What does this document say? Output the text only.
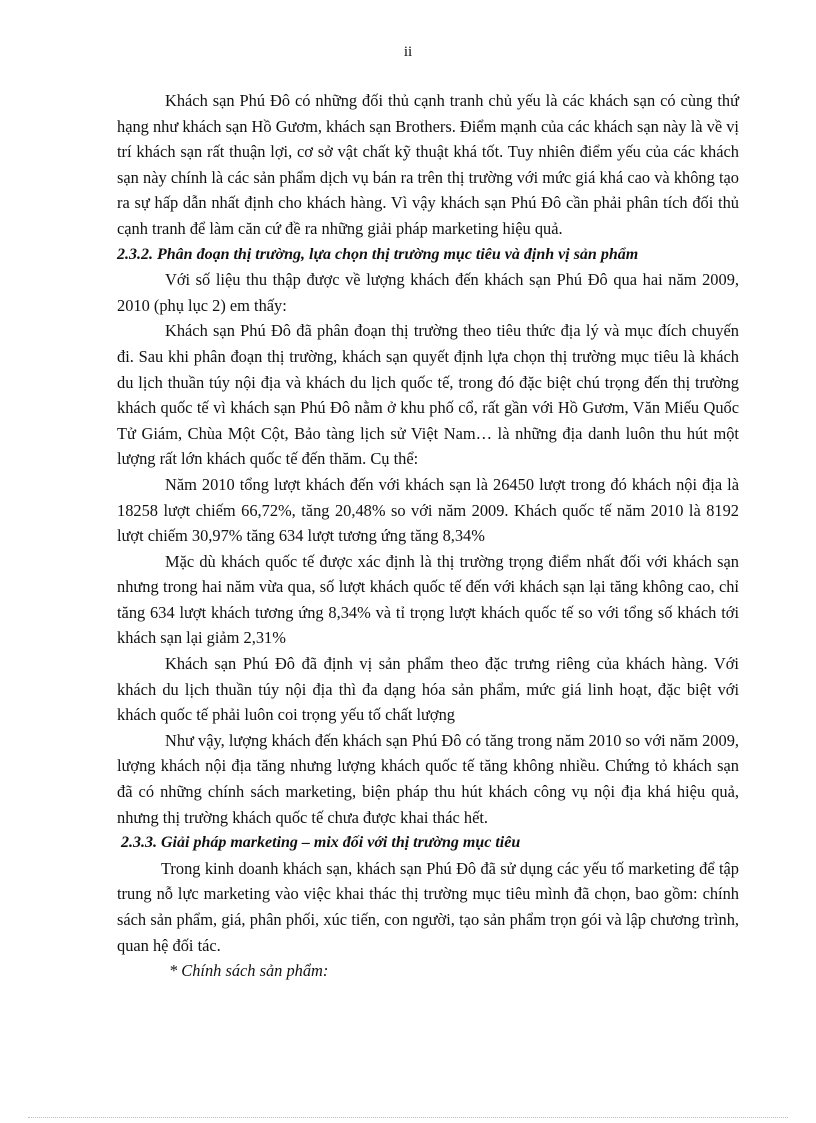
ii

Khách sạn Phú Đô có những đối thủ cạnh tranh chủ yếu là các khách sạn có cùng thứ hạng như khách sạn Hồ Gươm, khách sạn Brothers. Điểm mạnh của các khách sạn này là về vị trí khách sạn rất thuận lợi, cơ sở vật chất kỹ thuật khá tốt. Tuy nhiên điểm yếu của các khách sạn này chính là các sản phẩm dịch vụ bán ra trên thị trường với mức giá khá cao và không tạo ra sự hấp dẫn nhất định cho khách hàng. Vì vậy khách sạn Phú Đô cần phải phân tích đối thủ cạnh tranh để làm căn cứ đề ra những giải pháp marketing hiệu quả.

2.3.2. Phân đoạn thị trường, lựa chọn thị trường mục tiêu và định vị sản phẩm

Với số liệu thu thập được về lượng khách đến khách sạn Phú Đô qua hai năm 2009, 2010 (phụ lục 2) em thấy:

Khách sạn Phú Đô đã phân đoạn thị trường theo tiêu thức địa lý và mục đích chuyến đi. Sau khi phân đoạn thị trường, khách sạn quyết định lựa chọn thị trường mục tiêu là khách du lịch thuần túy nội địa và khách du lịch quốc tế, trong đó đặc biệt chú trọng đến thị trường khách quốc tế vì khách sạn Phú Đô nằm ở khu phố cổ, rất gần với Hồ Gươm, Văn Miếu Quốc Tử Giám, Chùa Một Cột, Bảo tàng lịch sử Việt Nam… là những địa danh luôn thu hút một lượng rất lớn khách quốc tế đến thăm. Cụ thể:

Năm 2010 tổng lượt khách đến với khách sạn là 26450 lượt trong đó khách nội địa là 18258 lượt chiếm 66,72%, tăng 20,48% so với năm 2009. Khách quốc tế năm 2010 là 8192 lượt chiếm 30,97% tăng 634 lượt tương ứng tăng 8,34%

Mặc dù khách quốc tế được xác định là thị trường trọng điểm nhất đối với khách sạn nhưng trong hai năm vừa qua, số lượt khách quốc tế đến với khách sạn lại tăng không cao, chỉ tăng 634 lượt khách tương ứng 8,34% và tỉ trọng lượt khách quốc tế so với tổng số khách tới khách sạn lại giảm 2,31%

Khách sạn Phú Đô đã định vị sản phẩm theo đặc trưng riêng của khách hàng. Với khách du lịch thuần túy nội địa thì đa dạng hóa sản phẩm, mức giá linh hoạt, đặc biệt với khách quốc tế phải luôn coi trọng yếu tố chất lượng

Như vậy, lượng khách đến khách sạn Phú Đô có tăng trong năm 2010 so với năm 2009, lượng khách nội địa tăng nhưng lượng khách quốc tế tăng không nhiều. Chứng tỏ khách sạn đã có những chính sách marketing, biện pháp thu hút khách công vụ nội địa khá hiệu quả, nhưng thị trường khách quốc tế chưa được khai thác hết.

2.3.3. Giải pháp marketing – mix đối với thị trường mục tiêu

Trong kinh doanh khách sạn, khách sạn Phú Đô đã sử dụng các yếu tố marketing để tập trung nỗ lực marketing vào việc khai thác thị trường mục tiêu mình đã chọn, bao gồm: chính sách sản phẩm, giá, phân phối, xúc tiến, con người, tạo sản phẩm trọn gói và lập chương trình, quan hệ đối tác.

* Chính sách sản phẩm:
